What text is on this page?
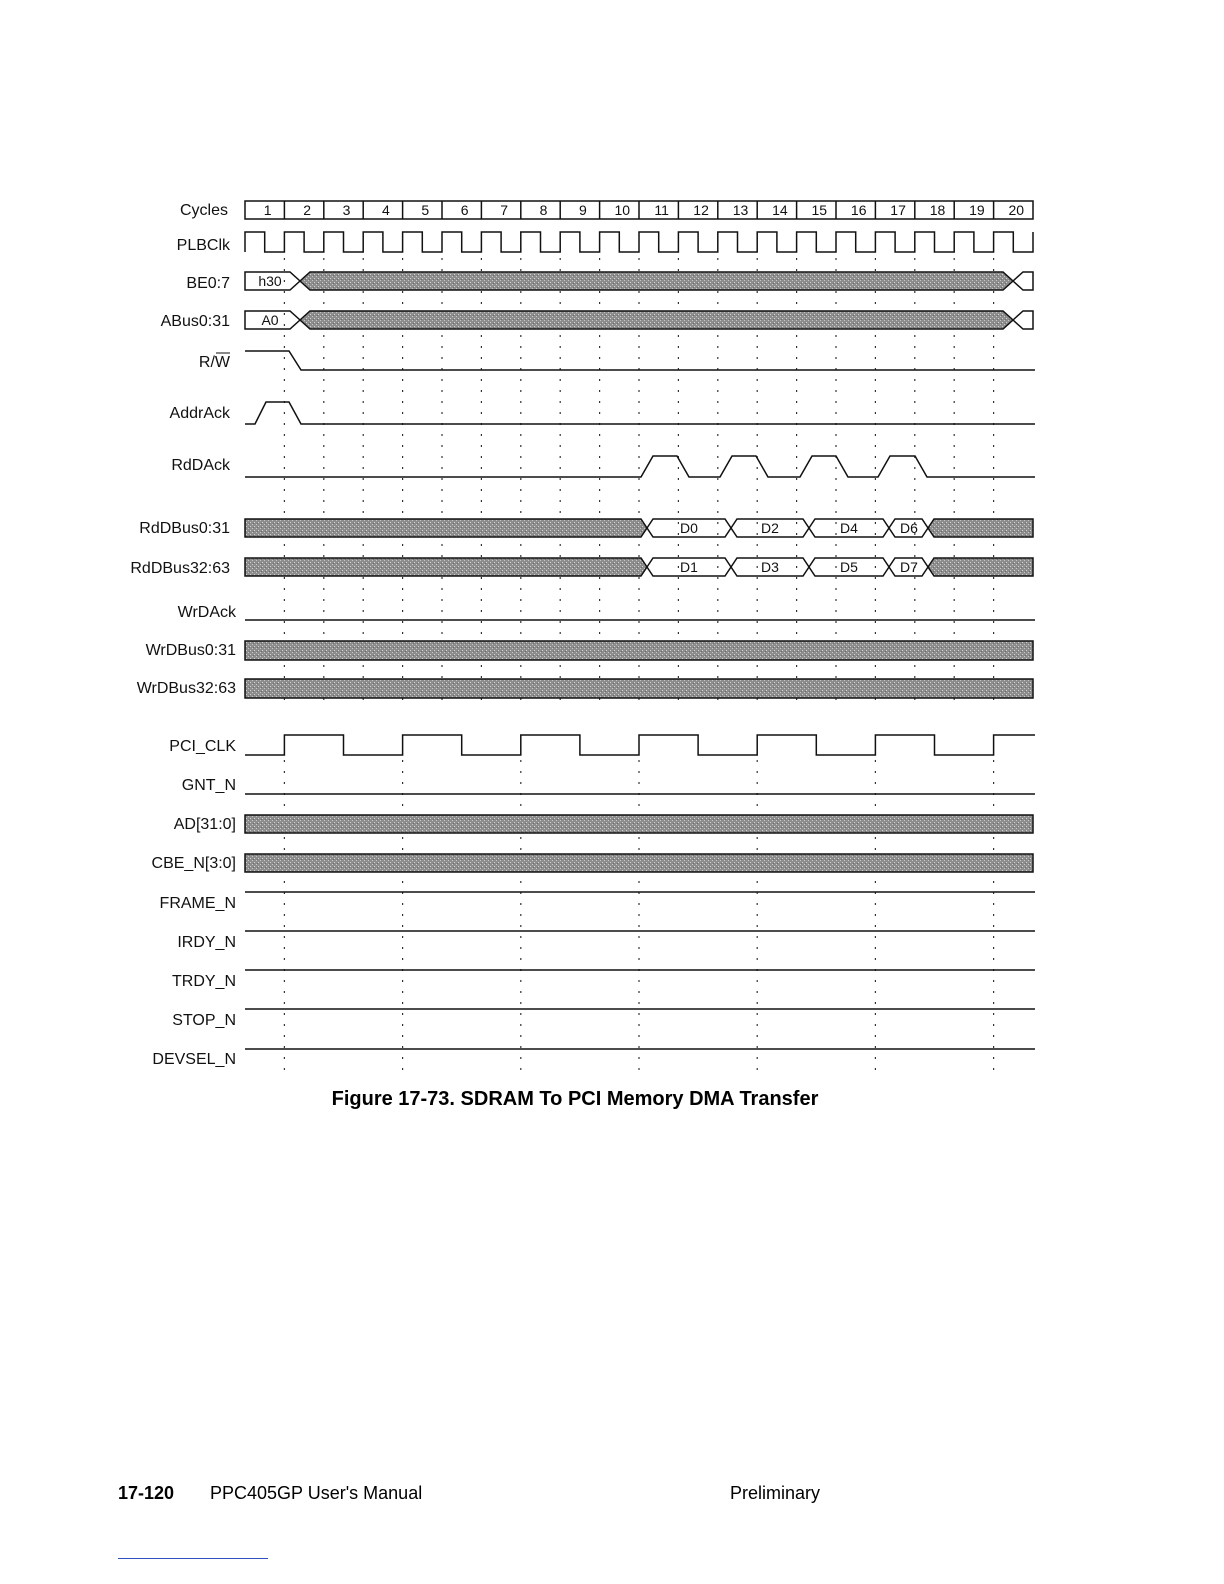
Cycles	1 2 3 4 5 6 7 8 9 10 11 12 13 14 15 16 17 18 19 20
PLBClk
BE0:7
ABus0:31
R/W
AddrAck
RdDAck
RdDBus0:31
RdDBus32:63
WrDAck
WrDBus0:31
WrDBus32:63
PCI_CLK
GNT_N
AD[31:0]
CBE_N[3:0]
FRAME_N
IRDY_N
TRDY_N
STOP_N
DEVSEL_N
h30
A0
D0	D2	D4	D6
D1	D3	D5	D7
Figure 17-73. SDRAM To PCI Memory DMA Transfer
17-120 PPC405GP User's Manual	Preliminary
